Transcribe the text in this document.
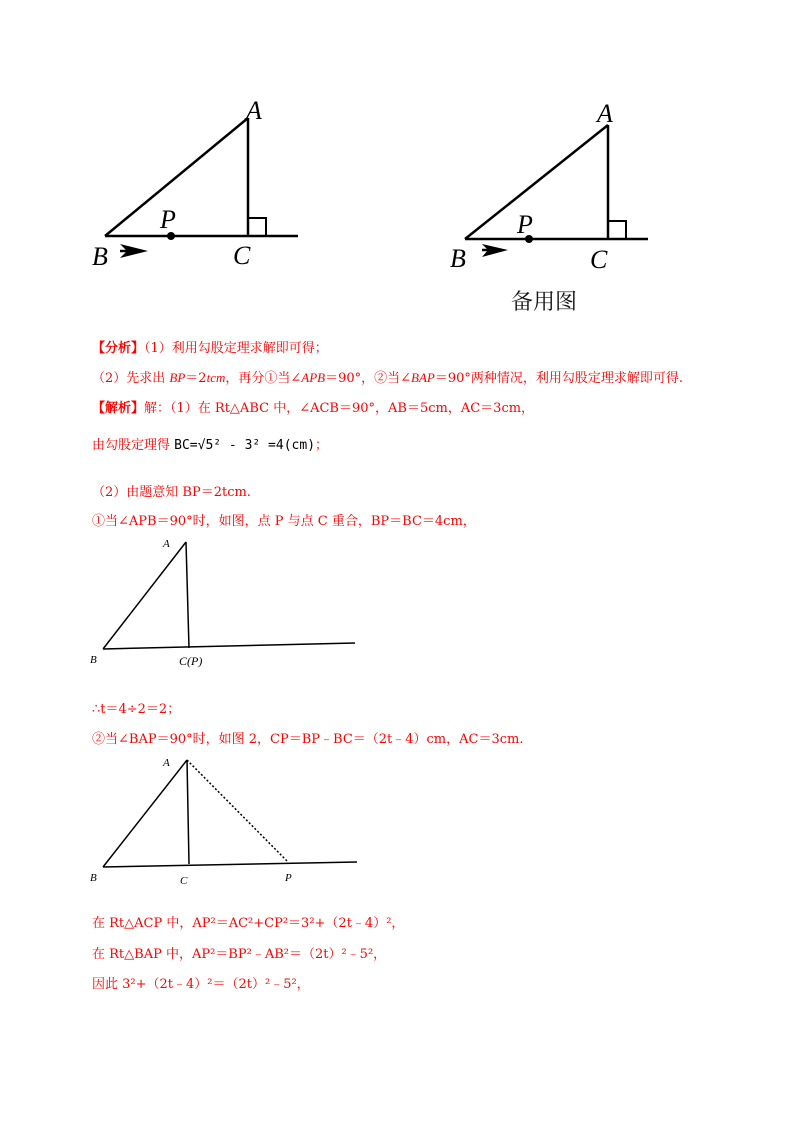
A
B	C
P
A
B	C
P
备用图
【分析】（1）利用勾股定理求解即可得；
（2）先求出 BP＝2tcm，再分①当∠APB＝90°，②当∠BAP＝90°两种情况，利用勾股定理求解即可得.
【解析】解：（1）在 Rt△ABC 中，∠ACB＝90°，AB＝5cm，AC＝3cm，
由勾股定理得 BC=√5² - 3² =4(cm)；
（2）由题意知 BP＝2tcm.
①当∠APB＝90°时，如图，点 P 与点 C 重合，BP＝BC＝4cm，
A
B	C(P)
∴t＝4÷2＝2；
②当∠BAP＝90°时，如图 2，CP＝BP﹣BC＝（2t﹣4）cm，AC＝3cm.
A
B	C	P
在 Rt△ACP 中，AP²＝AC²+CP²＝3²+（2t﹣4）²，
在 Rt△BAP 中，AP²＝BP²﹣AB²＝（2t）²﹣5²，
因此 3²+（2t﹣4）²＝（2t）²﹣5²，
